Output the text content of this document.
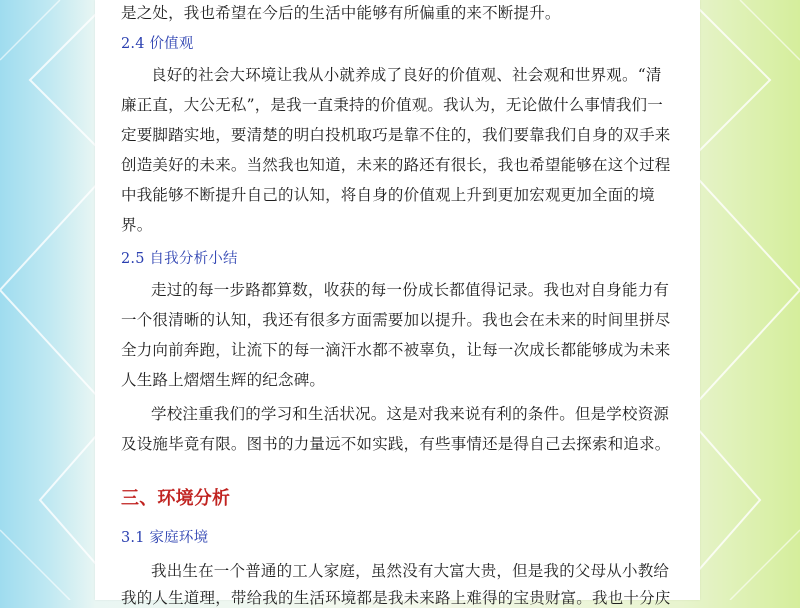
是之处，我也希望在今后的生活中能够有所偏重的来不断提升。
2.4 价值观
良好的社会大环境让我从小就养成了良好的价值观、社会观和世界观。“清
廉正直，大公无私”，是我一直秉持的价值观。我认为，无论做什么事情我们一
定要脚踏实地，要清楚的明白投机取巧是靠不住的，我们要靠我们自身的双手来
创造美好的未来。当然我也知道，未来的路还有很长，我也希望能够在这个过程
中我能够不断提升自己的认知，将自身的价值观上升到更加宏观更加全面的境
界。
2.5 自我分析小结
走过的每一步路都算数，收获的每一份成长都值得记录。我也对自身能力有
一个很清晰的认知，我还有很多方面需要加以提升。我也会在未来的时间里拼尽
全力向前奔跑，让流下的每一滴汗水都不被辜负，让每一次成长都能够成为未来
人生路上熠熠生辉的纪念碑。
学校注重我们的学习和生活状况。这是对我来说有利的条件。但是学校资源
及设施毕竟有限。图书的力量远不如实践，有些事情还是得自己去探索和追求。
三、环境分析
3.1 家庭环境
我出生在一个普通的工人家庭，虽然没有大富大贵，但是我的父母从小教给
我的人生道理，带给我的生活环境都是我未来路上难得的宝贵财富。我也十分庆
